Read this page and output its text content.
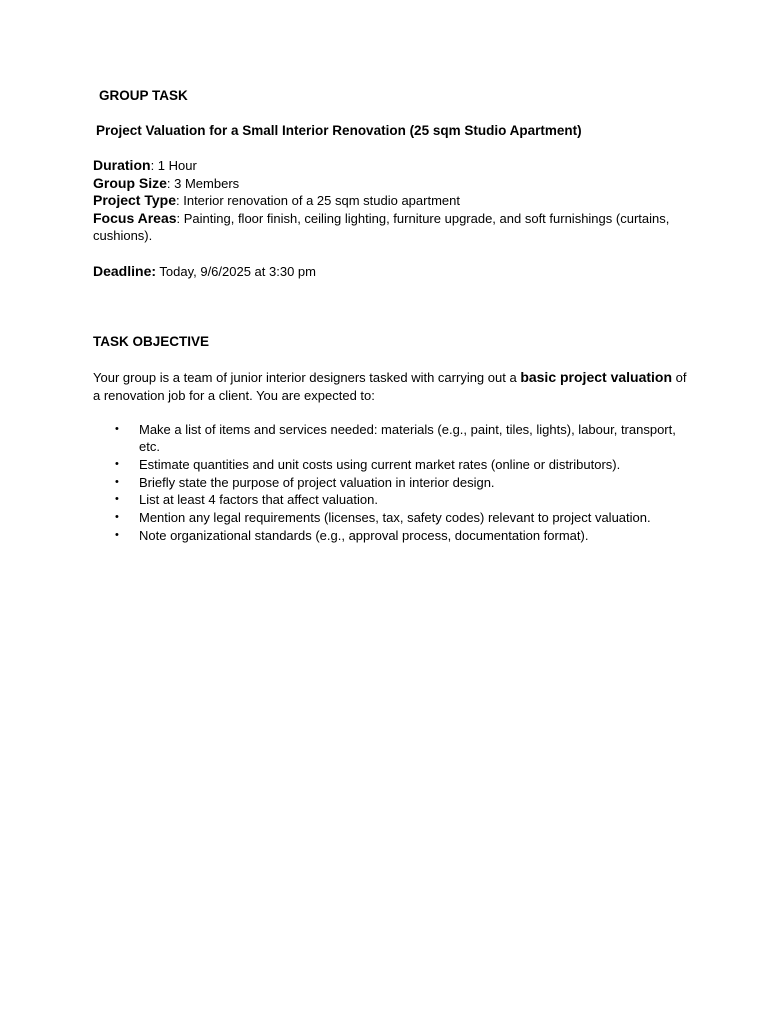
GROUP TASK
Project Valuation for a Small Interior Renovation (25 sqm Studio Apartment)
Duration: 1 Hour
Group Size: 3 Members
Project Type: Interior renovation of a 25 sqm studio apartment
Focus Areas: Painting, floor finish, ceiling lighting, furniture upgrade, and soft furnishings (curtains, cushions).
Deadline: Today, 9/6/2025 at 3:30 pm
TASK OBJECTIVE
Your group is a team of junior interior designers tasked with carrying out a basic project valuation of a renovation job for a client. You are expected to:
• Make a list of items and services needed: materials (e.g., paint, tiles, lights), labour, transport, etc.
• Estimate quantities and unit costs using current market rates (online or distributors).
• Briefly state the purpose of project valuation in interior design.
• List at least 4 factors that affect valuation.
• Mention any legal requirements (licenses, tax, safety codes) relevant to project valuation.
• Note organizational standards (e.g., approval process, documentation format).
